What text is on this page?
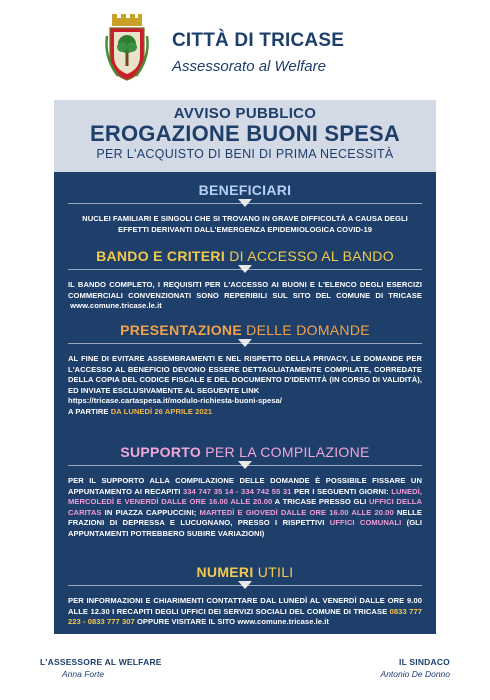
CITTÀ DI TRICASE
Assessorato al Welfare
AVVISO PUBBLICO
EROGAZIONE BUONI SPESA
PER L'ACQUISTO DI BENI DI PRIMA NECESSITÀ
BENEFICIARI
NUCLEI FAMILIARI E SINGOLI CHE SI TROVANO IN GRAVE DIFFICOLTÀ A CAUSA DEGLI EFFETTI DERIVANTI DALL'EMERGENZA EPIDEMIOLOGICA COVID-19
BANDO E CRITERI DI ACCESSO AL BANDO
IL BANDO COMPLETO, I REQUISITI PER L'ACCESSO AI BUONI E L'ELENCO DEGLI ESERCIZI COMMERCIALI CONVENZIONATI SONO REPERIBILI SUL SITO DEL COMUNE DI TRICASE  www.comune.tricase.le.it
PRESENTAZIONE DELLE DOMANDE
AL FINE DI EVITARE ASSEMBRAMENTI E NEL RISPETTO DELLA PRIVACY, LE DOMANDE PER L'ACCESSO AL BENEFICIO DEVONO ESSERE DETTAGLIATAMENTE COMPILATE, CORREDATE DELLA COPIA DEL CODICE FISCALE E DEL DOCUMENTO D'IDENTITÀ (IN CORSO DI VALIDITÀ), ED INVIATE ESCLUSIVAMENTE AL SEGUENTE LINK
https://tricase.cartaspesa.it/modulo-richiesta-buoni-spesa/
A PARTIRE DA LUNEDÌ 26 APRILE 2021
SUPPORTO PER LA COMPILAZIONE
PER IL SUPPORTO ALLA COMPILAZIONE DELLE DOMANDE È POSSIBILE FISSARE UN APPUNTAMENTO AI RECAPITI 334 747 35 14 - 334 742 55 31 PER I SEGUENTI GIORNI: LUNEDÌ, MERCOLEDÌ E VENERDÌ DALLE ORE 16.00 ALLE 20.00 A TRICASE PRESSO GLI UFFICI DELLA CARITAS IN PIAZZA CAPPUCCINI; MARTEDÌ E GIOVEDÌ DALLE ORE 16.00 ALLE 20.00 NELLE FRAZIONI DI DEPRESSA E LUCUGNANO, PRESSO I RISPETTIVI UFFICI COMUNALI (GLI APPUNTAMENTI POTREBBERO SUBIRE VARIAZIONI)
NUMERI UTILI
PER INFORMAZIONI E CHIARIMENTI CONTATTARE DAL LUNEDÌ AL VENERDÌ DALLE ORE 9.00 ALLE 12.30 I RECAPITI DEGLI UFFICI DEI SERVIZI SOCIALI DEL COMUNE DI TRICASE 0833 777 223 - 0833 777 307 OPPURE VISITARE IL SITO www.comune.tricase.le.it
L'ASSESSORE AL WELFARE
Anna Forte
IL SINDACO
Antonio De Donno
